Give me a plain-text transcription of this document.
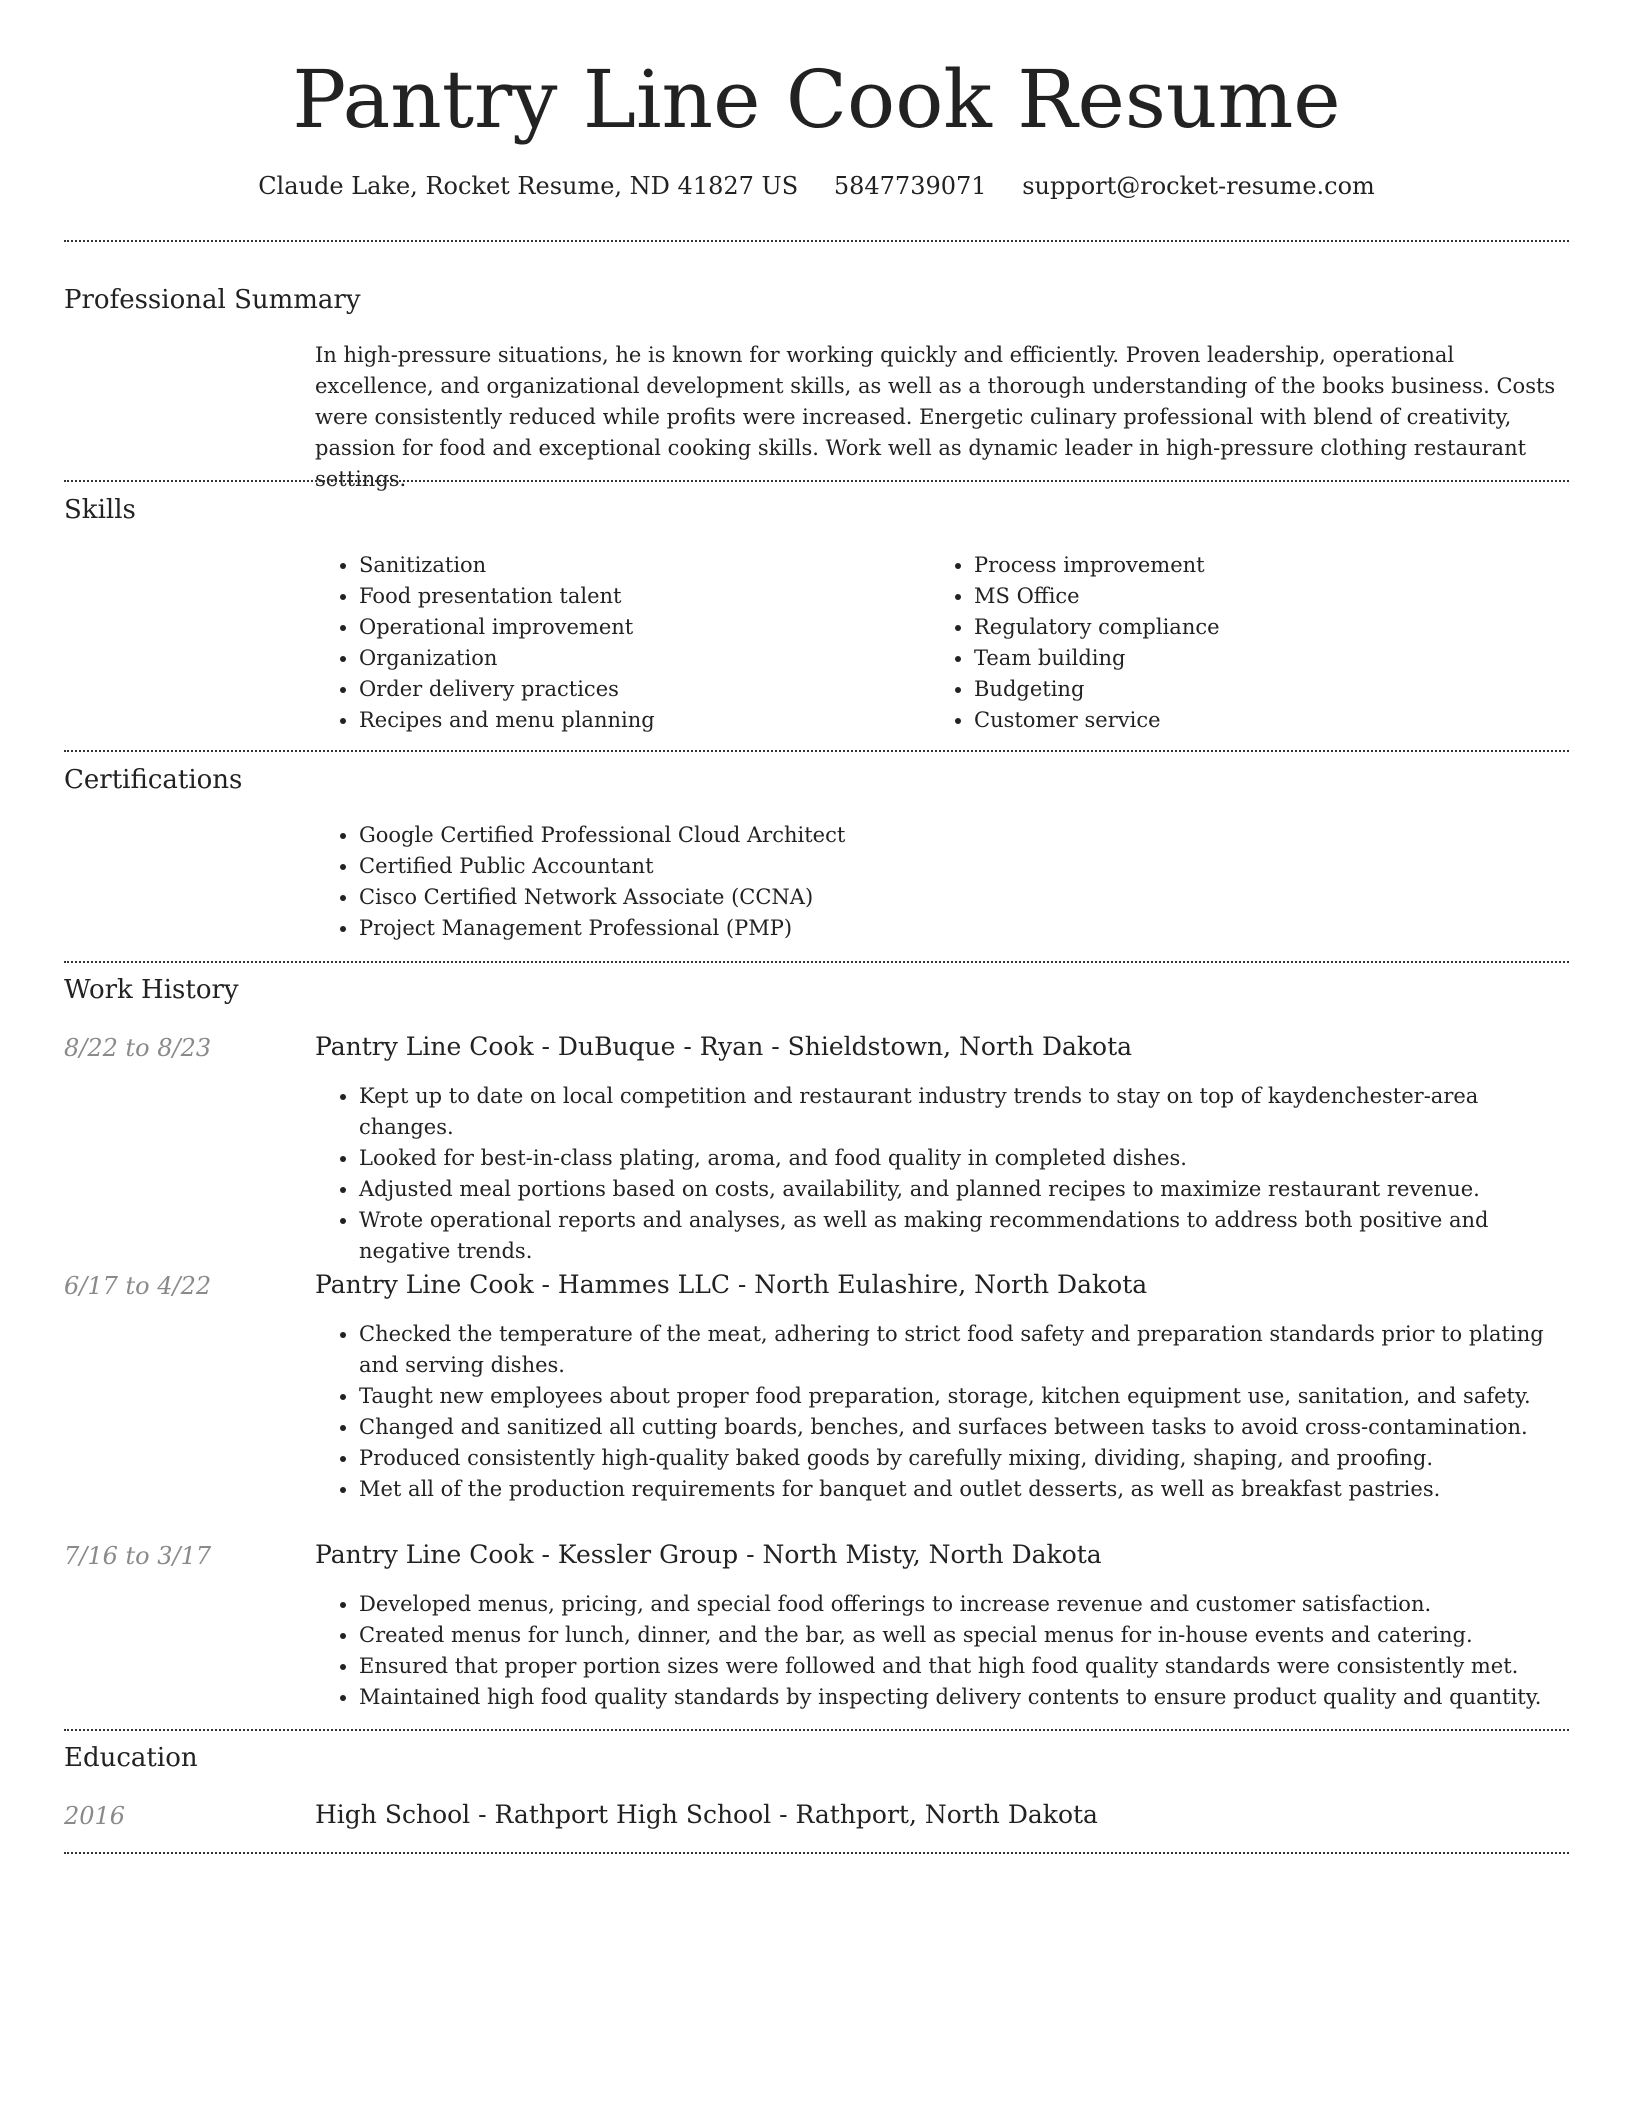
Pantry Line Cook Resume
Claude Lake, Rocket Resume, ND 41827 US 5847739071 support@rocket-resume.com
Professional Summary

In high-pressure situations, he is known for working quickly and efficiently. Proven leadership, operational excellence, and organizational development skills, as well as a thorough understanding of the books business. Costs were consistently reduced while profits were increased. Energetic culinary professional with blend of creativity, passion for food and exceptional cooking skills. Work well as dynamic leader in high-pressure clothing restaurant settings.

Skills
• Sanitization
• Food presentation talent
• Operational improvement
• Organization
• Order delivery practices
• Recipes and menu planning
• Process improvement
• MS Office
• Regulatory compliance
• Team building
• Budgeting
• Customer service
Certifications
• Google Certified Professional Cloud Architect
• Certified Public Accountant
• Cisco Certified Network Associate (CCNA)
• Project Management Professional (PMP)
Work History
8/22 to 8/23	Pantry Line Cook - DuBuque - Ryan - Shieldstown, North Dakota
• Kept up to date on local competition and restaurant industry trends to stay on top of kaydenchester-area changes.
• Looked for best-in-class plating, aroma, and food quality in completed dishes.
• Adjusted meal portions based on costs, availability, and planned recipes to maximize restaurant revenue.
• Wrote operational reports and analyses, as well as making recommendations to address both positive and negative trends.
6/17 to 4/22	Pantry Line Cook - Hammes LLC - North Eulashire, North Dakota
• Checked the temperature of the meat, adhering to strict food safety and preparation standards prior to plating and serving dishes.
• Taught new employees about proper food preparation, storage, kitchen equipment use, sanitation, and safety.
• Changed and sanitized all cutting boards, benches, and surfaces between tasks to avoid cross-contamination.
• Produced consistently high-quality baked goods by carefully mixing, dividing, shaping, and proofing.
• Met all of the production requirements for banquet and outlet desserts, as well as breakfast pastries.
7/16 to 3/17	Pantry Line Cook - Kessler Group - North Misty, North Dakota
• Developed menus, pricing, and special food offerings to increase revenue and customer satisfaction.
• Created menus for lunch, dinner, and the bar, as well as special menus for in-house events and catering.
• Ensured that proper portion sizes were followed and that high food quality standards were consistently met.
• Maintained high food quality standards by inspecting delivery contents to ensure product quality and quantity.
Education
2016	High School - Rathport High School - Rathport, North Dakota
